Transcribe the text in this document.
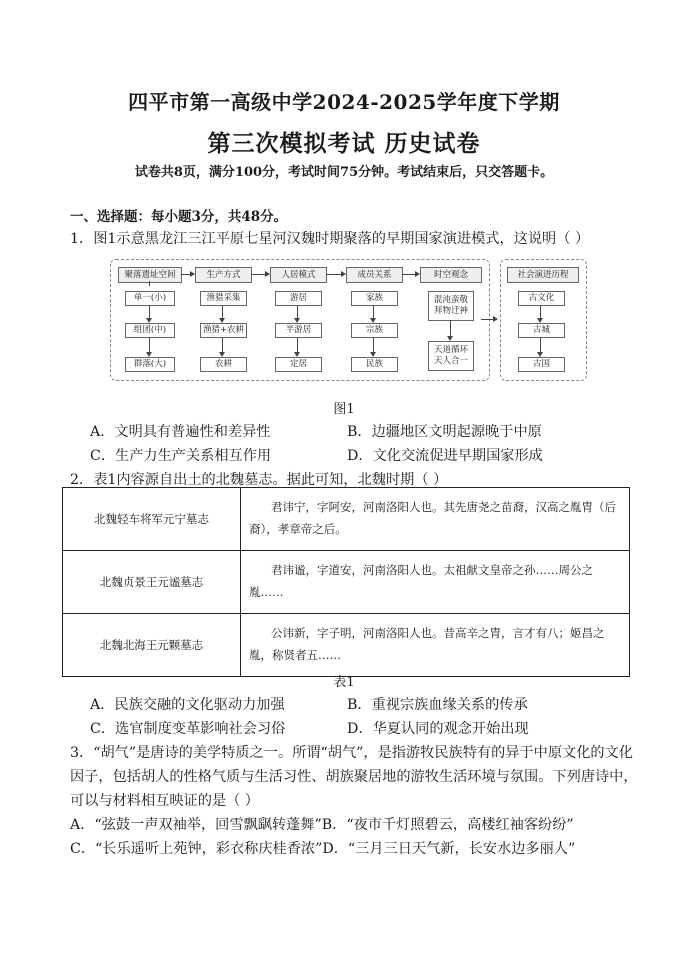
四平市第一高级中学2024-2025学年度下学期
第三次模拟考试 历史试卷
试卷共8页，满分100分，考试时间75分钟。考试结束后，只交答题卡。
一、选择题：每小题3分，共48分。
1．图1示意黑龙江三江平原七星河汉魏时期聚落的早期国家演进模式，这说明（ ）
聚落遗址空间	生产方式	人居模式	成员关系	时空观念	社会演进历程
单一(小)
组团(中)
群落(大)
渔猎采集
渔猎+农耕
农耕
游居
半游居
定居
家族
宗族
民族
混沌蛮敬
拜物迁神
天道循环
天人合一
古文化
古城
古国
图1
A．文明具有普遍性和差异性	B．边疆地区文明起源晚于中原
C．生产力生产关系相互作用	D．文化交流促进早期国家形成
2．表1内容源自出土的北魏墓志。据此可知，北魏时期（ ）
北魏轻车将军元宁墓志	君讳宁，字阿安，河南洛阳人也。其先唐尧之苗裔，汉高之胤胄（后裔），孝章帝之后。
北魏贞景王元谧墓志	君讳谧，字道安，河南洛阳人也。太祖献文皇帝之孙……周公之胤……
北魏北海王元颗墓志	公讳新，字子明，河南洛阳人也。昔高辛之胄，言才有八；姬昌之胤，称贤者五……
表1
A．民族交融的文化驱动力加强	B．重视宗族血缘关系的传承
C．选官制度变革影响社会习俗	D．华夏认同的观念开始出现
3．“胡气”是唐诗的美学特质之一。所谓“胡气”，是指游牧民族特有的异于中原文化的文化
因子，包括胡人的性格气质与生活习性、胡族聚居地的游牧生活环境与氛围。下列唐诗中，
可以与材料相互映证的是（ ）
A．“弦鼓一声双袖举，回雪飘飖转蓬舞”B．“夜市千灯照碧云，高楼红袖客纷纷”
C．“长乐遥听上苑钟，彩衣称庆桂香浓”D．“三月三日天气新，长安水边多丽人”
